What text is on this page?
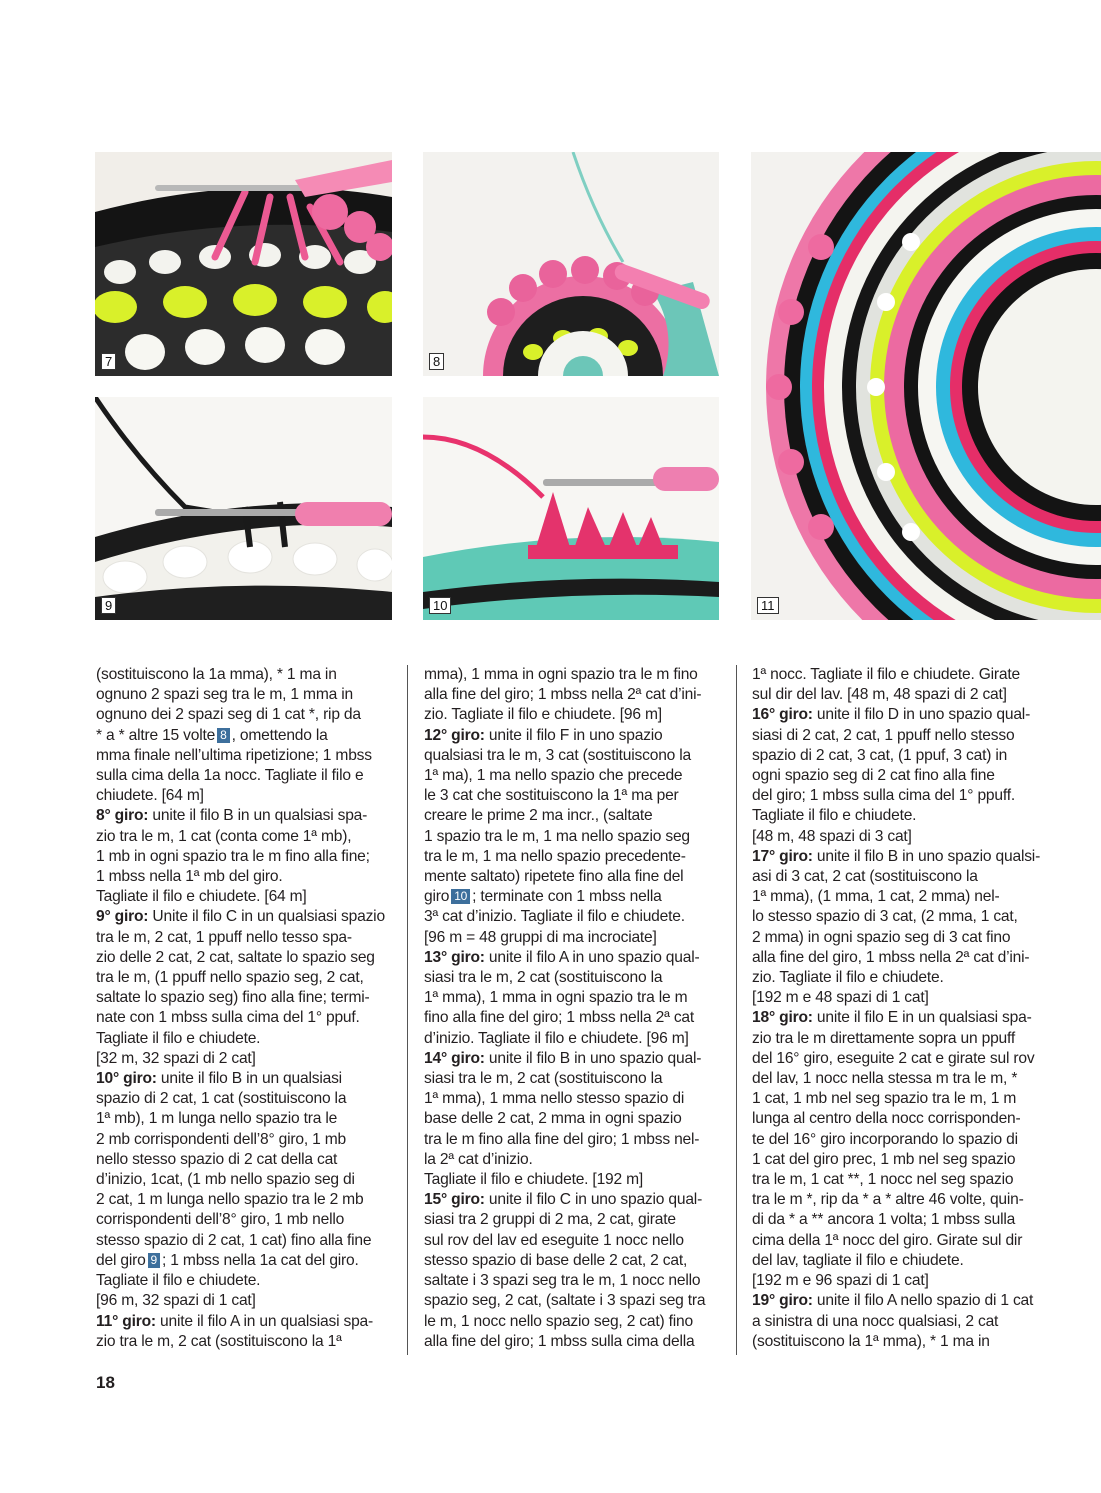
7	8
9	10	11

(sostituiscono la 1a mma), * 1 ma in

ognuno 2 spazi seg tra le m, 1 mma in

ognuno dei 2 spazi seg di 1 cat *, rip da

* a * altre 15 volte 8 , omettendo la

mma finale nell’ultima ripetizione; 1 mbss

sulla cima della 1a nocc. Tagliate il filo e

chiudete. [64 m]

8° giro: unite il filo B in un qualsiasi spa-

zio tra le m, 1 cat (conta come 1ª mb),

1 mb in ogni spazio tra le m fino alla fine;

1 mbss nella 1ª mb del giro.

Tagliate il filo e chiudete. [64 m]

9° giro: Unite il filo C in un qualsiasi spazio

tra le m, 2 cat, 1 ppuff nello tesso spa-

zio delle 2 cat, 2 cat, saltate lo spazio seg

tra le m, (1 ppuff nello spazio seg, 2 cat,

saltate lo spazio seg) fino alla fine; termi-

nate con 1 mbss sulla cima del 1° ppuf.

Tagliate il filo e chiudete.

[32 m, 32 spazi di 2 cat]

10° giro: unite il filo B in un qualsiasi

spazio di 2 cat, 1 cat (sostituiscono la

1ª mb), 1 m lunga nello spazio tra le

2 mb corrispondenti dell’8° giro, 1 mb

nello stesso spazio di 2 cat della cat

d’inizio, 1cat, (1 mb nello spazio seg di

2 cat, 1 m lunga nello spazio tra le 2 mb

corrispondenti dell’8° giro, 1 mb nello

stesso spazio di 2 cat, 1 cat) fino alla fine

del giro 9 ; 1 mbss nella 1a cat del giro.

Tagliate il filo e chiudete.

[96 m, 32 spazi di 1 cat]

11° giro: unite il filo A in un qualsiasi spa-

zio tra le m, 2 cat (sostituiscono la 1ª

mma), 1 mma in ogni spazio tra le m fino

alla fine del giro; 1 mbss nella 2ª cat d’ini-

zio. Tagliate il filo e chiudete. [96 m]

12° giro: unite il filo F in uno spazio

qualsiasi tra le m, 3 cat (sostituiscono la

1ª ma), 1 ma nello spazio che precede

le 3 cat che sostituiscono la 1ª ma per

creare le prime 2 ma incr., (saltate

1 spazio tra le m, 1 ma nello spazio seg

tra le m, 1 ma nello spazio precedente-

mente saltato) ripetete fino alla fine del

giro 10 ; terminate con 1 mbss nella

3ª cat d’inizio. Tagliate il filo e chiudete.

[96 m = 48 gruppi di ma incrociate]

13° giro: unite il filo A in uno spazio qual-

siasi tra le m, 2 cat (sostituiscono la

1ª mma), 1 mma in ogni spazio tra le m

fino alla fine del giro; 1 mbss nella 2ª cat

d’inizio. Tagliate il filo e chiudete. [96 m]

14° giro: unite il filo B in uno spazio qual-

siasi tra le m, 2 cat (sostituiscono la

1ª mma), 1 mma nello stesso spazio di

base delle 2 cat, 2 mma in ogni spazio

tra le m fino alla fine del giro; 1 mbss nel-

la 2ª cat d’inizio.

Tagliate il filo e chiudete. [192 m]

15° giro: unite il filo C in uno spazio qual-

siasi tra 2 gruppi di 2 ma, 2 cat, girate

sul rov del lav ed eseguite 1 nocc nello

stesso spazio di base delle 2 cat, 2 cat,

saltate i 3 spazi seg tra le m, 1 nocc nello

spazio seg, 2 cat, (saltate i 3 spazi seg tra

le m, 1 nocc nello spazio seg, 2 cat) fino

alla fine del giro; 1 mbss sulla cima della

1ª nocc. Tagliate il filo e chiudete. Girate

sul dir del lav. [48 m, 48 spazi di 2 cat]

16° giro: unite il filo D in uno spazio qual-

siasi di 2 cat, 2 cat, 1 ppuff nello stesso

spazio di 2 cat, 3 cat, (1 ppuf, 3 cat) in

ogni spazio seg di 2 cat fino alla fine

del giro; 1 mbss sulla cima del 1° ppuff.

Tagliate il filo e chiudete.

[48 m, 48 spazi di 3 cat]

17° giro: unite il filo B in uno spazio qualsi-

asi di 3 cat, 2 cat (sostituiscono la

1ª mma), (1 mma, 1 cat, 2 mma) nel-

lo stesso spazio di 3 cat, (2 mma, 1 cat,

2 mma) in ogni spazio seg di 3 cat fino

alla fine del giro, 1 mbss nella 2ª cat d’ini-

zio. Tagliate il filo e chiudete.

[192 m e 48 spazi di 1 cat]

18° giro: unite il filo E in un qualsiasi spa-

zio tra le m direttamente sopra un ppuff

del 16° giro, eseguite 2 cat e girate sul rov

del lav, 1 nocc nella stessa m tra le m, *

1 cat, 1 mb nel seg spazio tra le m, 1 m

lunga al centro della nocc corrisponden-

te del 16° giro incorporando lo spazio di

1 cat del giro prec, 1 mb nel seg spazio

tra le m, 1 cat **, 1 nocc nel seg spazio

tra le m *, rip da * a * altre 46 volte, quin-

di da * a ** ancora 1 volta; 1 mbss sulla

cima della 1ª nocc del giro. Girate sul dir

del lav, tagliate il filo e chiudete.

[192 m e 96 spazi di 1 cat]

19° giro: unite il filo A nello spazio di 1 cat

a sinistra di una nocc qualsiasi, 2 cat

(sostituiscono la 1ª mma), * 1 ma in

18
